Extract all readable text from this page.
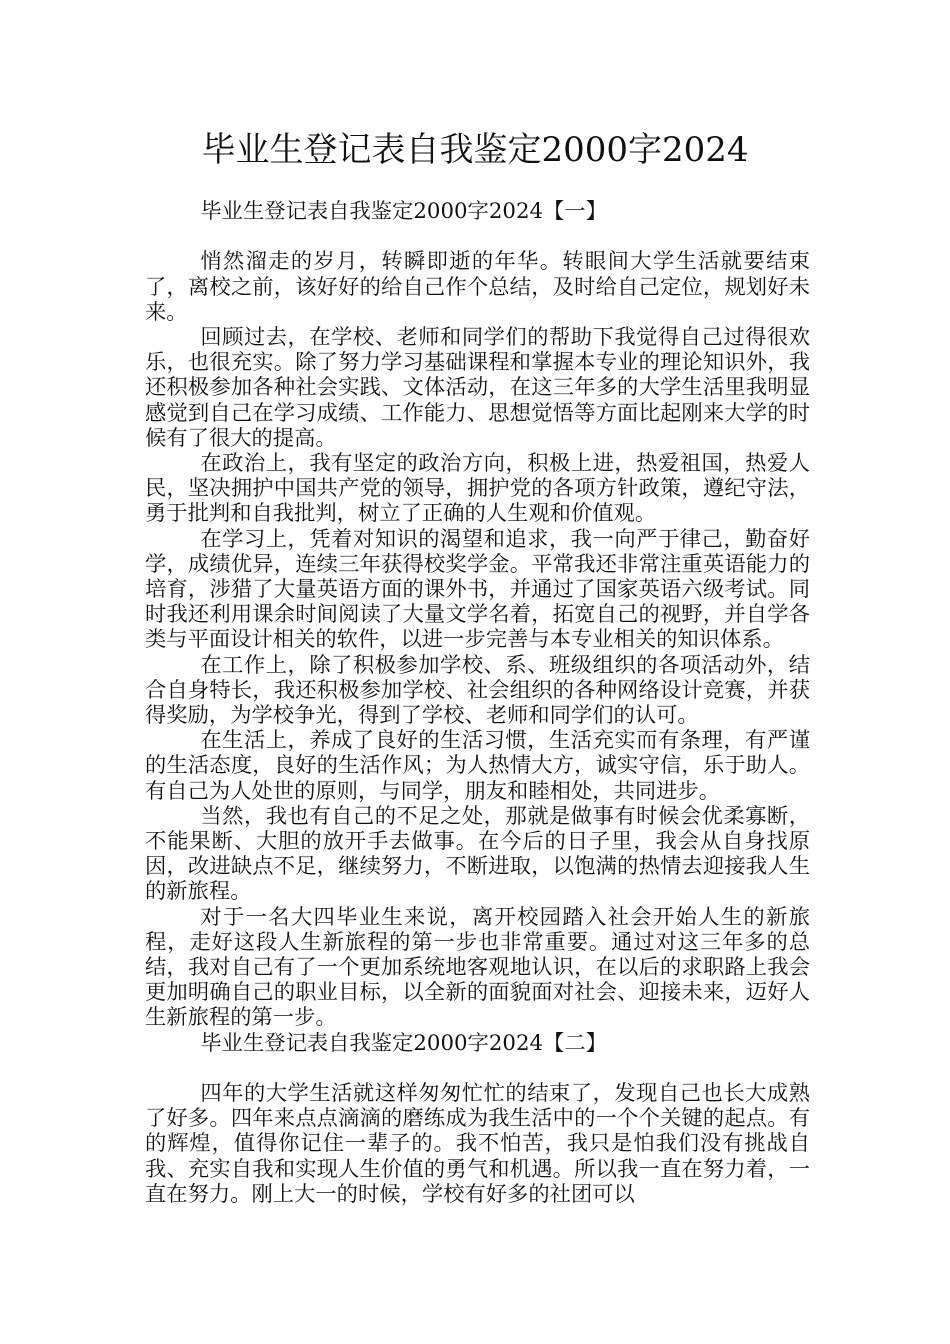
毕业生登记表自我鉴定2000字2024

毕业生登记表自我鉴定2000字2024【一】

悄然溜走的岁月，转瞬即逝的年华。转眼间大学生活就要结束了，离校之前，该好好的给自己作个总结，及时给自己定位，规划好未来。

回顾过去，在学校、老师和同学们的帮助下我觉得自己过得很欢乐，也很充实。除了努力学习基础课程和掌握本专业的理论知识外，我还积极参加各种社会实践、文体活动，在这三年多的大学生活里我明显感觉到自己在学习成绩、工作能力、思想觉悟等方面比起刚来大学的时候有了很大的提高。

在政治上，我有坚定的政治方向，积极上进，热爱祖国，热爱人民，坚决拥护中国共产党的领导，拥护党的各项方针政策，遵纪守法，勇于批判和自我批判，树立了正确的人生观和价值观。

在学习上，凭着对知识的渴望和追求，我一向严于律己，勤奋好学，成绩优异，连续三年获得校奖学金。平常我还非常注重英语能力的培育，涉猎了大量英语方面的课外书，并通过了国家英语六级考试。同时我还利用课余时间阅读了大量文学名着，拓宽自己的视野，并自学各类与平面设计相关的软件，以进一步完善与本专业相关的知识体系。

在工作上，除了积极参加学校、系、班级组织的各项活动外，结合自身特长，我还积极参加学校、社会组织的各种网络设计竞赛，并获得奖励，为学校争光，得到了学校、老师和同学们的认可。

在生活上，养成了良好的生活习惯，生活充实而有条理，有严谨的生活态度，良好的生活作风；为人热情大方，诚实守信，乐于助人。有自己为人处世的原则，与同学，朋友和睦相处，共同进步。

当然，我也有自己的不足之处，那就是做事有时候会优柔寡断，不能果断、大胆的放开手去做事。在今后的日子里，我会从自身找原因，改进缺点不足，继续努力，不断进取，以饱满的热情去迎接我人生的新旅程。

对于一名大四毕业生来说，离开校园踏入社会开始人生的新旅程，走好这段人生新旅程的第一步也非常重要。通过对这三年多的总结，我对自己有了一个更加系统地客观地认识，在以后的求职路上我会更加明确自己的职业目标，以全新的面貌面对社会、迎接未来，迈好人生新旅程的第一步。

毕业生登记表自我鉴定2000字2024【二】

四年的大学生活就这样匆匆忙忙的结束了，发现自己也长大成熟了好多。四年来点点滴滴的磨练成为我生活中的一个个关键的起点。有的辉煌，值得你记住一辈子的。我不怕苦，我只是怕我们没有挑战自我、充实自我和实现人生价值的勇气和机遇。所以我一直在努力着，一直在努力。刚上大一的时候，学校有好多的社团可以
